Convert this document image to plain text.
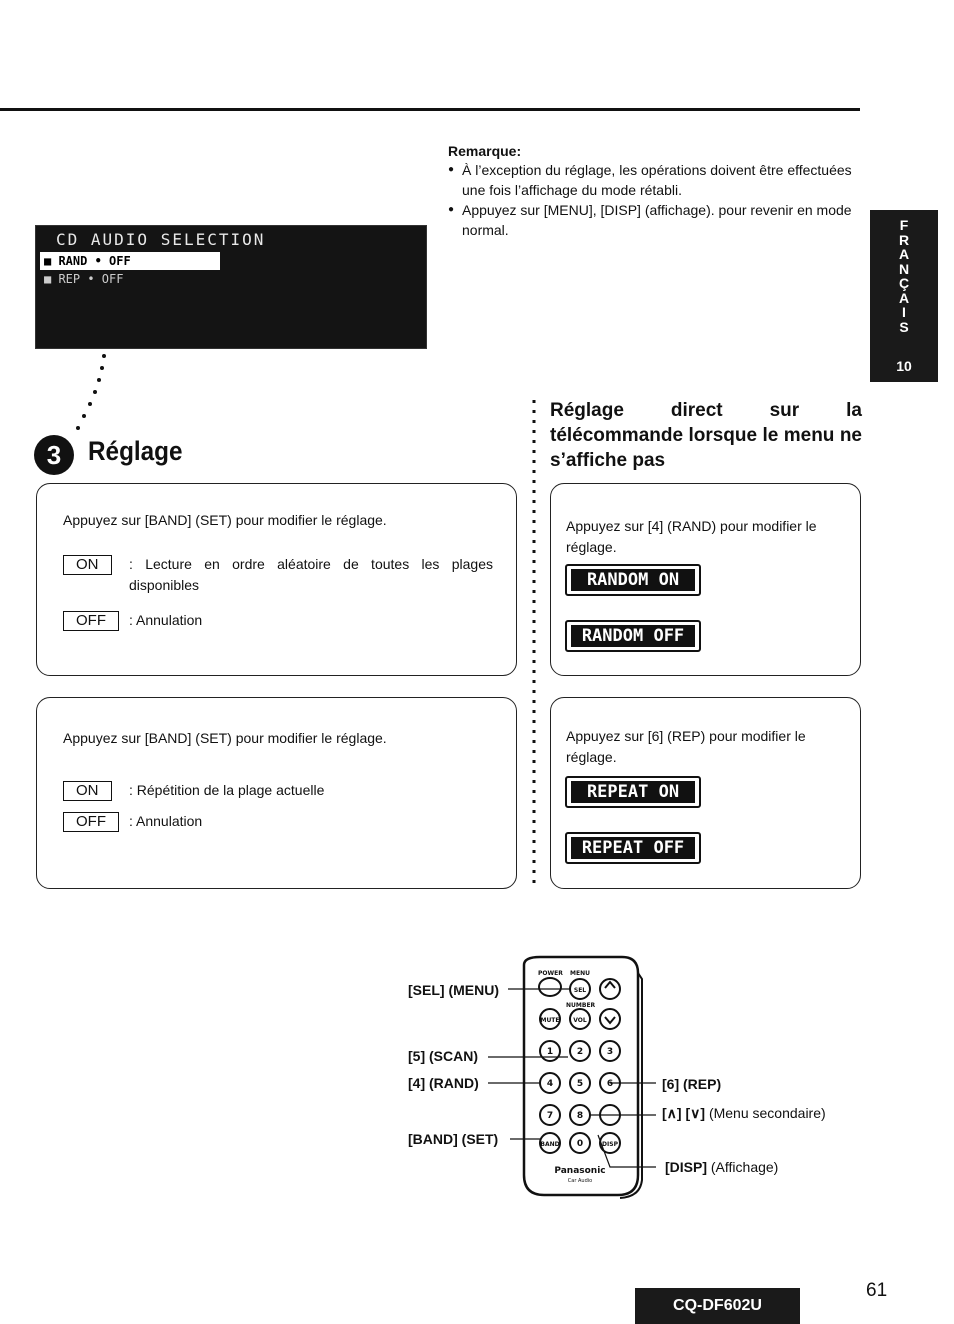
Remarque:
● À l’exception du réglage, les opérations doivent être effectuées une fois l’affichage du mode rétabli.
● Appuyez sur [MENU], [DISP] (affichage). pour revenir en mode normal.	F
R
A
N
Ç
A
I
S
10
CD AUDIO SELECTION
■ RAND • OFF
■ REP • OFF
3 Réglage
Réglage direct sur la télécommande lorsque le menu ne s’affiche pas
Appuyez sur [BAND] (SET) pour modifier le réglage.
ON	: Lecture en ordre aléatoire de toutes les plages disponibles
OFF	: Annulation
Appuyez sur [BAND] (SET) pour modifier le réglage.
ON	: Répétition de la plage actuelle
OFF	: Annulation
Appuyez sur [4] (RAND) pour modifier le réglage.
RANDOM ON
RANDOM OFF
Appuyez sur [6] (REP) pour modifier le réglage.
REPEAT ON
REPEAT OFF
POWER MENU
NUMBER
SEL
VOL
MUTE
1	2	3
4	5	6
7	8
BAND 0	DISP
Panasonic
Car Audio
[SEL] (MENU)
[5] (SCAN)
[4] (RAND)
[BAND] (SET)
[6] (REP)
[∧] [∨] (Menu secondaire)
[DISP] (Affichage)
CQ-DF602U
61
